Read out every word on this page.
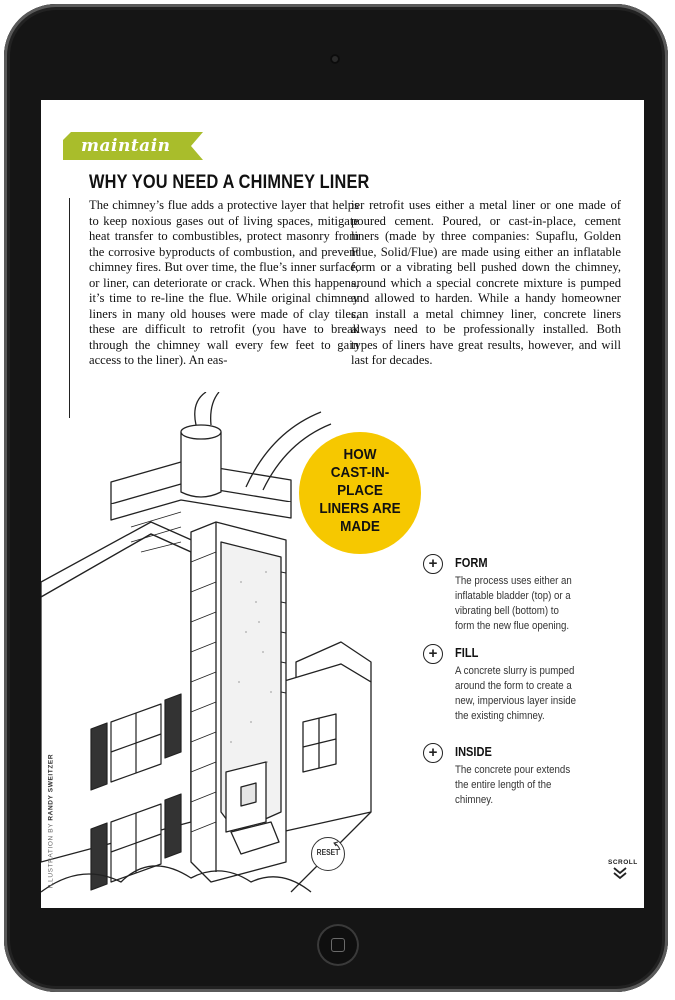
maintain
WHY YOU NEED A CHIMNEY LINER
The chimney’s flue adds a protective layer that helps to keep noxious gases out of living spaces, mitigate heat transfer to combustibles, protect masonry from the corrosive byproducts of combustion, and prevent chimney fires. But over time, the flue’s inner surface, or liner, can deteriorate or crack. When this happens, it’s time to re-line the flue. While original chimney liners in many old houses were made of clay tiles, these are difficult to retrofit (you have to break through the chimney wall every few feet to gain access to the liner). An eas-
ier retrofit uses either a metal liner or one made of poured cement. Poured, or cast-in-place, cement liners (made by three companies: Supaflu, Golden Flue, Solid/Flue) are made using either an inflatable form or a vibrating bell pushed down the chimney, around which a special concrete mixture is pumped and allowed to harden. While a handy homeowner can install a metal chimney liner, concrete liners always need to be professionally installed. Both types of liners have great results, however, and will last for decades.
HOW
CAST-IN-
PLACE
LINERS ARE
MADE
+	FORM
The process uses either an inflatable bladder (top) or a vibrating bell (bottom) to form the new flue opening.
+	FILL
A concrete slurry is pumped around the form to create a new, impervious layer inside the existing chimney.
+	INSIDE
The concrete pour extends the entire length of the chimney.
ILLUSTRATION BY RANDY SWEITZER
RESET
SCROLL
